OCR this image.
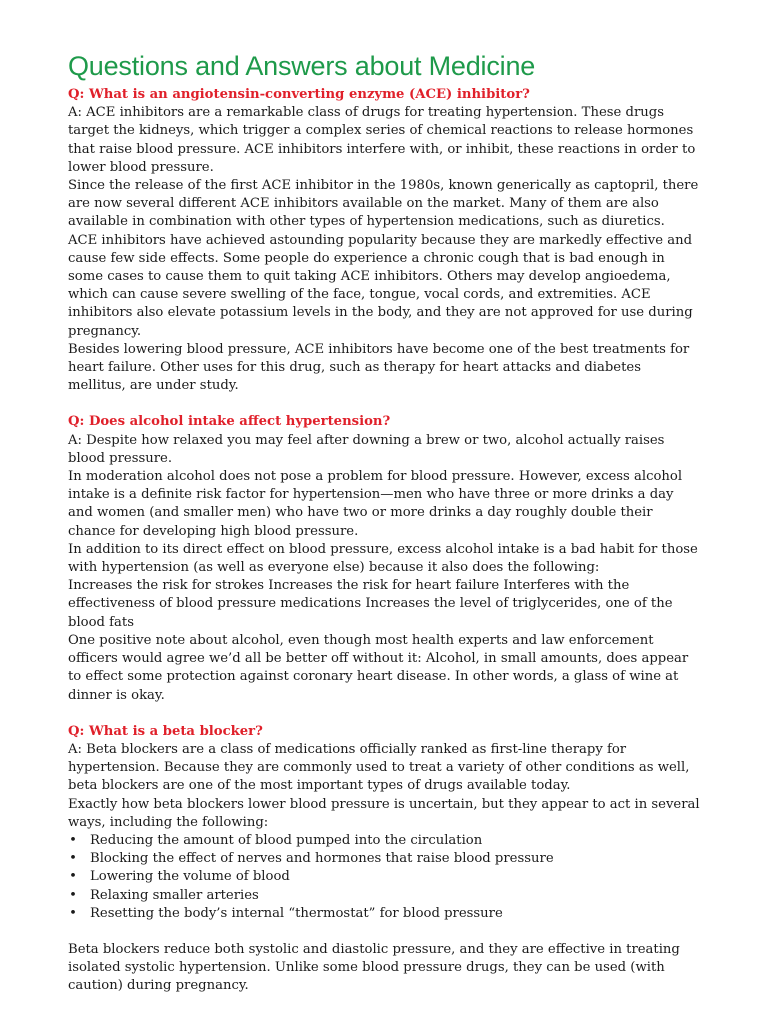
Questions and Answers about Medicine

Q: What is an angiotensin-converting enzyme (ACE) inhibitor?

A: ACE inhibitors are a remarkable class of drugs for treating hypertension. These drugs target the kidneys, which trigger a complex series of chemical reactions to release hormones that raise blood pressure. ACE inhibitors interfere with, or inhibit, these reactions in order to lower blood pressure.

Since the release of the first ACE inhibitor in the 1980s, known generically as captopril, there are now several different ACE inhibitors available on the market. Many of them are also available in combination with other types of hypertension medications, such as diuretics.

ACE inhibitors have achieved astounding popularity because they are markedly effective and cause few side effects. Some people do experience a chronic cough that is bad enough in some cases to cause them to quit taking ACE inhibitors. Others may develop angioedema, which can cause severe swelling of the face, tongue, vocal cords, and extremities. ACE inhibitors also elevate potassium levels in the body, and they are not approved for use during pregnancy.

Besides lowering blood pressure, ACE inhibitors have become one of the best treatments for heart failure. Other uses for this drug, such as therapy for heart attacks and diabetes mellitus, are under study.

Q: Does alcohol intake affect hypertension?

A: Despite how relaxed you may feel after downing a brew or two, alcohol actually raises blood pressure.

In moderation alcohol does not pose a problem for blood pressure. However, excess alcohol intake is a definite risk factor for hypertension—men who have three or more drinks a day and women (and smaller men) who have two or more drinks a day roughly double their chance for developing high blood pressure.

In addition to its direct effect on blood pressure, excess alcohol intake is a bad habit for those with hypertension (as well as everyone else) because it also does the following:

Increases the risk for strokes Increases the risk for heart failure Interferes with the effectiveness of blood pressure medications Increases the level of triglycerides, one of the blood fats

One positive note about alcohol, even though most health experts and law enforcement officers would agree we’d all be better off without it: Alcohol, in small amounts, does appear to effect some protection against coronary heart disease. In other words, a glass of wine at dinner is okay.

Q: What is a beta blocker?

A: Beta blockers are a class of medications officially ranked as first-line therapy for hypertension. Because they are commonly used to treat a variety of other conditions as well, beta blockers are one of the most important types of drugs available today.

Exactly how beta blockers lower blood pressure is uncertain, but they appear to act in several ways, including the following:

• Reducing the amount of blood pumped into the circulation
• Blocking the effect of nerves and hormones that raise blood pressure
• Lowering the volume of blood
• Relaxing smaller arteries
• Resetting the body’s internal “thermostat” for blood pressure

Beta blockers reduce both systolic and diastolic pressure, and they are effective in treating isolated systolic hypertension. Unlike some blood pressure drugs, they can be used (with caution) during pregnancy.
